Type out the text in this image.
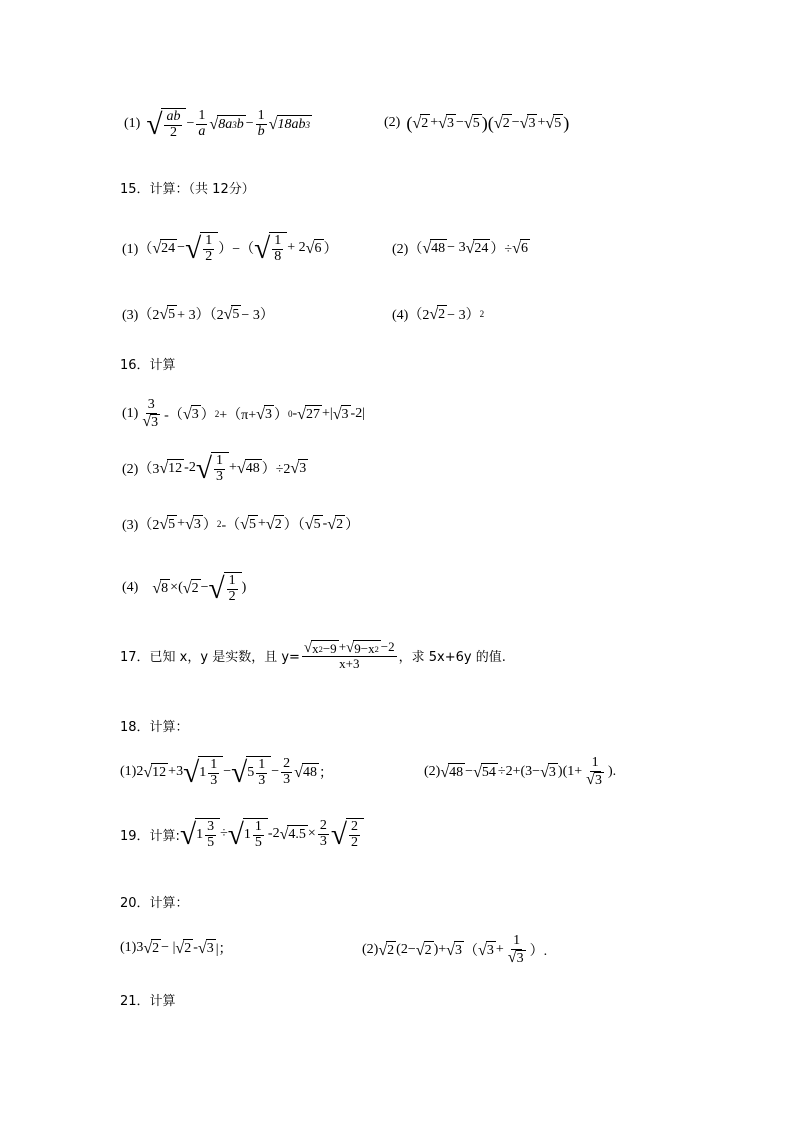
(1) √ $\frac{ab}{2} - \frac{1}{a}$ √ 8a 3 $b - \frac{1}{b}$ √ 18ab 3	(2) ( √ 2 + √ 3 − √ 5 )( √ 2 − √ 3 + √ 5 )
15．计算：（共 12分）
(1)（ √ 24 − √ $\frac{1}{2}$ ）−（ √ $\frac{1}{8} + 2$ √ 6 ）	(2)（ √ 48 − 3 √ 24 ）÷ √ 6
(3)（2 √ 5 + 3）（2 √ 5 − 3）	(4)（2 √ 2 − 3） 2
16．计算
$(1) \frac{3}{√ 3}$ -（ √ 3 ） 2 +（π+ √ 3 ） 0 - √ 27 +| √ 3 -2|
(2)（3 √ 12 -2 √ $\frac{1}{3}$ + √ 48 ）÷2 √ 3
(3)（2 √ 5 + √ 3 ） 2 -（ √ 5 + √ 2 ）（ √ 5 - √ 2 ）
(4) √ 8 ×( √ 2 − √ $\frac{1}{2}$ )
17．已知 x，y 是实数，且 $y= \frac{√ x 2 -9 + √ 9-x 2 -2}{x+3}$ ，求 5x+6y 的值.
18．计算：
(1)2 √ 12 +3 √ $1 \frac{1}{3}$ − √ $5 \frac{1}{3} - \frac{2}{3}$ √ 48 ；	(2) √ 48 − √ 54 ÷2+(3− √ 3 )($1+ \frac{1}{√ 3}$ ).
19．计算: √ $1 \frac{3}{5}$ ÷ √ $1 \frac{1}{5} -2$ √ $4.5 \times \frac{2}{3}$ √ $\frac{2}{2}$
20．计算：
(1)3 √ 2 − | √ 2 - √ 3 |；	(2) √ 2 (2− √ 2 )+ √ 3 （ √ $3 + \frac{1}{√ 3}$ ）.
21．计算
